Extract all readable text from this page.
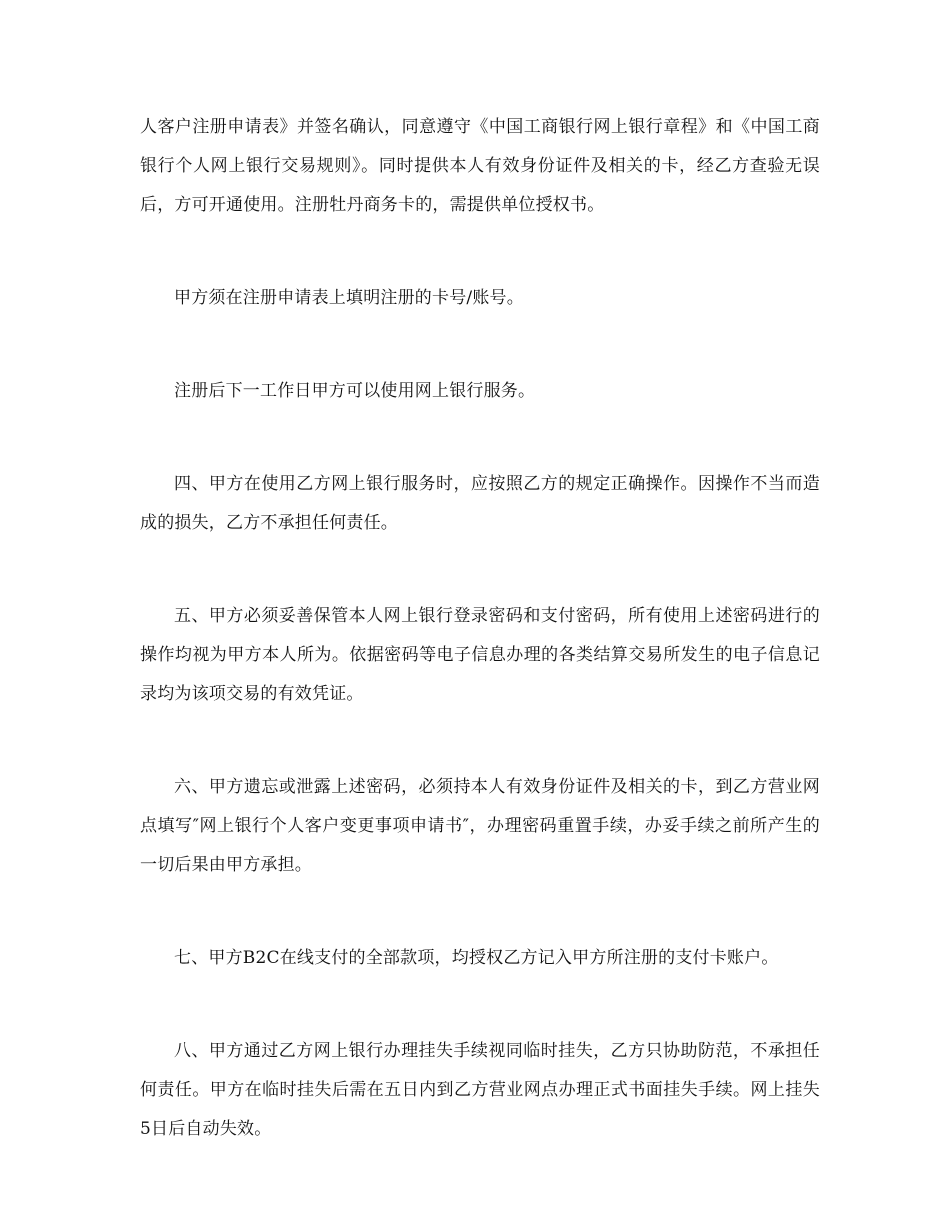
人客户注册申请表》并签名确认，同意遵守《中国工商银行网上银行章程》和《中国工商银行个人网上银行交易规则》。同时提供本人有效身份证件及相关的卡，经乙方查验无误后，方可开通使用。注册牡丹商务卡的，需提供单位授权书。

甲方须在注册申请表上填明注册的卡号/账号。

注册后下一工作日甲方可以使用网上银行服务。

四、甲方在使用乙方网上银行服务时，应按照乙方的规定正确操作。因操作不当而造成的损失，乙方不承担任何责任。

五、甲方必须妥善保管本人网上银行登录密码和支付密码，所有使用上述密码进行的操作均视为甲方本人所为。依据密码等电子信息办理的各类结算交易所发生的电子信息记录均为该项交易的有效凭证。

六、甲方遗忘或泄露上述密码，必须持本人有效身份证件及相关的卡，到乙方营业网点填写″网上银行个人客户变更事项申请书″，办理密码重置手续，办妥手续之前所产生的一切后果由甲方承担。

七、甲方B2C在线支付的全部款项，均授权乙方记入甲方所注册的支付卡账户。

八、甲方通过乙方网上银行办理挂失手续视同临时挂失，乙方只协助防范，不承担任何责任。甲方在临时挂失后需在五日内到乙方营业网点办理正式书面挂失手续。网上挂失5日后自动失效。
